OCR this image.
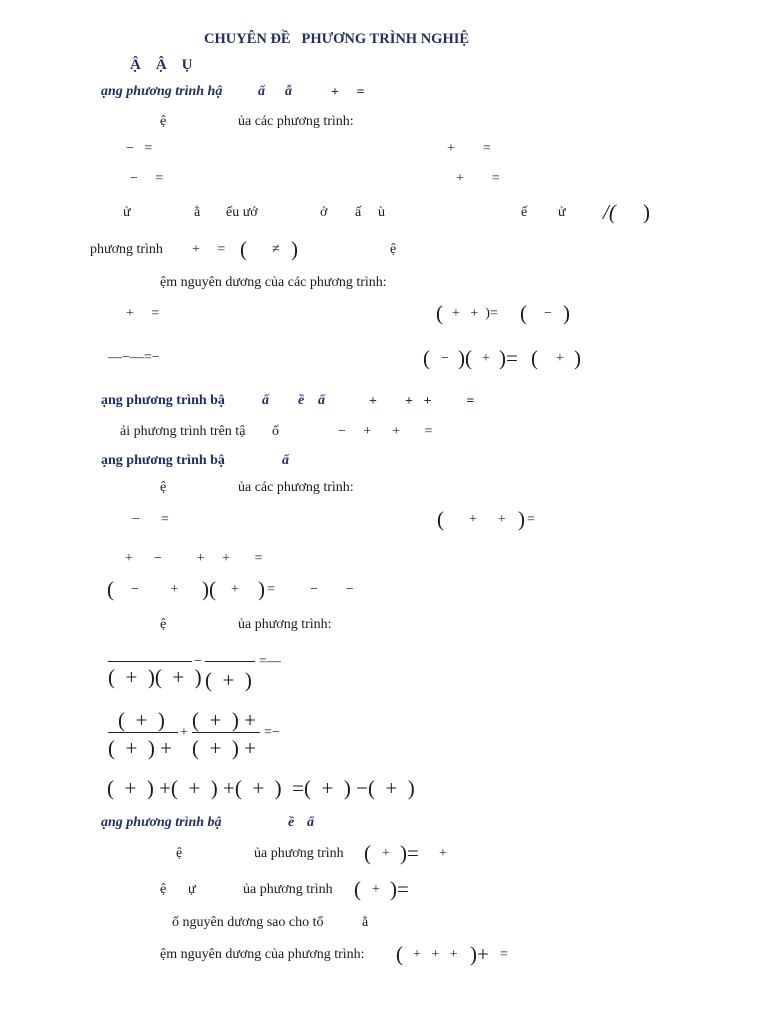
CHUYÊN ĐỀ   PHƯƠNG TRÌNH NGHIỆ
Ậ    Ậ    Ụ
ạng phương trình hậ	ấ ẫ	+     =
ệ	ủa các phương trình:
−   =	+        =
−     =	+        =
ử	ằ ếu ướ	ở ấ ù	ế ử /( )
phương trình +     = ( ≠ )	ệ
ệm nguyên dương của các phương trình:
+     =	( +   +  )= ( − )
—−—=−	( − )( + )= ( + )
ạng phương trình bậ	ấ ề ẩ	+        +   +          =
ải phương trình trên tậ ố	−     +      +       =
ạng phương trình bậ	ẩ
ệ	ủa các phương trình:
−      =	( +      + ) =
+      −          +     +       =
( −         + )( + ) =          −        −
ệ	ủa phương trình:
−	=—
(  +  )(  +  ) (  +  )
(  +  )
(  +  ) +
+
(  +  ) +
(  +  ) +
=−
(  +  ) +(  +  ) +(  +  )  =(  +  ) −(  +  )
ạng phương trình bậ	ề ẩ
ệ	ủa phương trình ( + )= +
ệ ự	ủa phương trình ( + )=
ố nguyên dương sao cho tổ	ằ
ệm nguyên dương của phương trình: ( +   +   + )+ =
